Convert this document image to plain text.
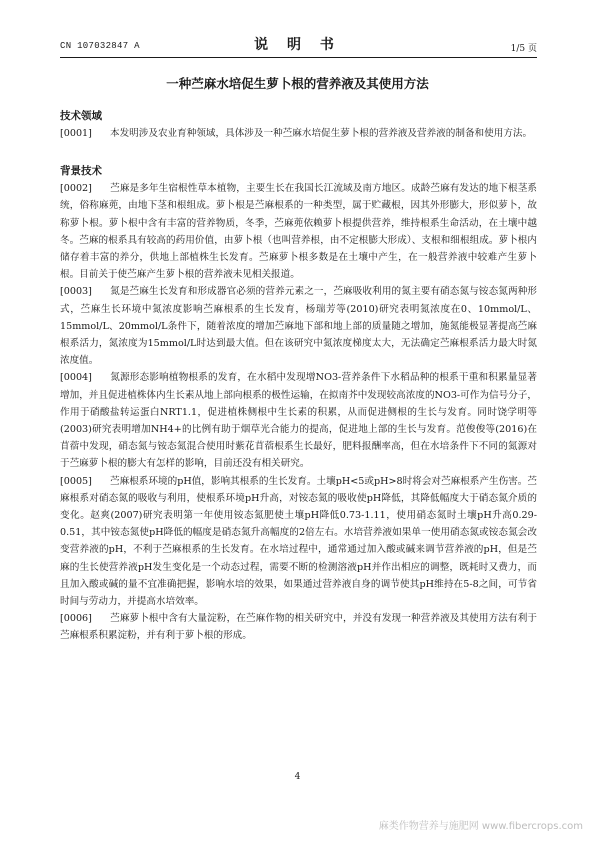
CN 107032847 A	说 明 书	1/5 页
一种苎麻水培促生萝卜根的营养液及其使用方法
技术领域

[0001] 本发明涉及农业育种领域，具体涉及一种苎麻水培促生萝卜根的营养液及营养液的制备和使用方法。

背景技术

[0002] 苎麻是多年生宿根性草本植物，主要生长在我国长江流域及南方地区。成龄苎麻有发达的地下根茎系统，俗称麻蔸，由地下茎和根组成。萝卜根是苎麻根系的一种类型，属于贮藏根，因其外形膨大，形似萝卜，故称萝卜根。萝卜根中含有丰富的营养物质，冬季，苎麻蔸依赖萝卜根提供营养，维持根系生命活动，在土壤中越冬。苎麻的根系具有较高的药用价值，由萝卜根（也叫营养根，由不定根膨大形成）、支根和细根组成。萝卜根内储存着丰富的养分，供地上部植株生长发育。苎麻萝卜根多数是在土壤中产生，在一般营养液中较难产生萝卜根。目前关于使苎麻产生萝卜根的营养液未见相关报道。

[0003] 氮是苎麻生长发育和形成器官必须的营养元素之一，苎麻吸收利用的氮主要有硝态氮与铵态氮两种形式，苎麻生长环境中氮浓度影响苎麻根系的生长发育，杨瑞芳等(2010)研究表明氮浓度在0、10mmol/L、15mmol/L、20mmol/L条件下，随着浓度的增加苎麻地下部和地上部的质量随之增加，施氮能极显著提高苎麻根系活力，氮浓度为15mmol/L时达到最大值。但在该研究中氮浓度梯度太大，无法确定苎麻根系活力最大时氮浓度值。

[0004] 氮源形态影响植物根系的发育，在水稻中发现增NO3-营养条件下水稻品种的根系干重和积累量显著增加，并且促进植株体内生长素从地上部向根系的极性运输，在拟南芥中发现较高浓度的NO3-可作为信号分子，作用于硝酸盐转运蛋白NRT1.1，促进植株侧根中生长素的积累，从而促进侧根的生长与发育。同时饶学明等(2003)研究表明增加NH4+的比例有助于烟草光合能力的提高，促进地上部的生长与发育。范俊俊等(2016)在苜蓿中发现，硝态氮与铵态氮混合使用时紫花苜蓿根系生长最好，肥料报酬率高，但在水培条件下不同的氮源对于苎麻萝卜根的膨大有怎样的影响，目前还没有相关研究。

[0005] 苎麻根系环境的pH值，影响其根系的生长发育。土壤pH<5或pH>8时将会对苎麻根系产生伤害。苎麻根系对硝态氮的吸收与利用，使根系环境pH升高，对铵态氮的吸收使pH降低，其降低幅度大于硝态氮介质的变化。赵爽(2007)研究表明第一年使用铵态氮肥使土壤pH降低0.73-1.11，使用硝态氮时土壤pH升高0.29-0.51，其中铵态氮使pH降低的幅度是硝态氮升高幅度的2倍左右。水培营养液如果单一使用硝态氮或铵态氮会改变营养液的pH，不利于苎麻根系的生长发育。在水培过程中，通常通过加入酸或碱来调节营养液的pH，但是苎麻的生长使营养液pH发生变化是一个动态过程，需要不断的检测溶液pH并作出相应的调整，既耗时又费力，而且加入酸或碱的量不宜准确把握，影响水培的效果，如果通过营养液自身的调节使其pH维持在5-8之间，可节省时间与劳动力，并提高水培效率。

[0006] 苎麻萝卜根中含有大量淀粉，在苎麻作物的相关研究中，并没有发现一种营养液及其使用方法有利于苎麻根系积累淀粉，并有利于萝卜根的形成。

4
麻类作物营养与施肥网 www.fibercrops.com
